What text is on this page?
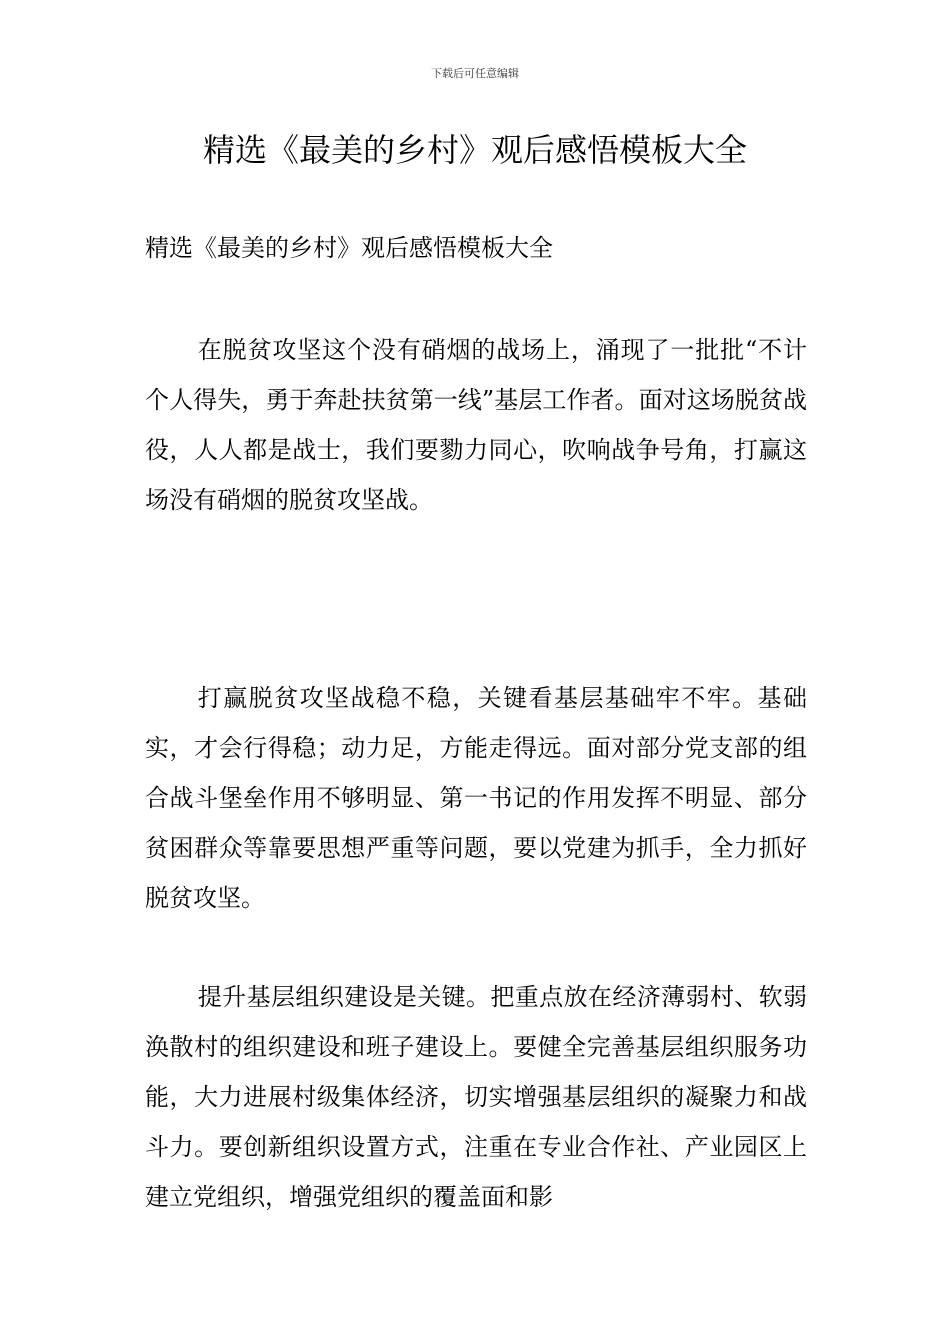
下载后可任意编辑
精选《最美的乡村》观后感悟模板大全

精选《最美的乡村》观后感悟模板大全

在脱贫攻坚这个没有硝烟的战场上，涌现了一批批“不计个人得失，勇于奔赴扶贫第一线”基层工作者。面对这场脱贫战役，人人都是战士，我们要勠力同心，吹响战争号角，打赢这场没有硝烟的脱贫攻坚战。

打赢脱贫攻坚战稳不稳，关键看基层基础牢不牢。基础实，才会行得稳；动力足，方能走得远。面对部分党支部的组合战斗堡垒作用不够明显、第一书记的作用发挥不明显、部分贫困群众等靠要思想严重等问题，要以党建为抓手，全力抓好脱贫攻坚。

提升基层组织建设是关键。把重点放在经济薄弱村、软弱涣散村的组织建设和班子建设上。要健全完善基层组织服务功能，大力进展村级集体经济，切实增强基层组织的凝聚力和战斗力。要创新组织设置方式，注重在专业合作社、产业园区上建立党组织，增强党组织的覆盖面和影
